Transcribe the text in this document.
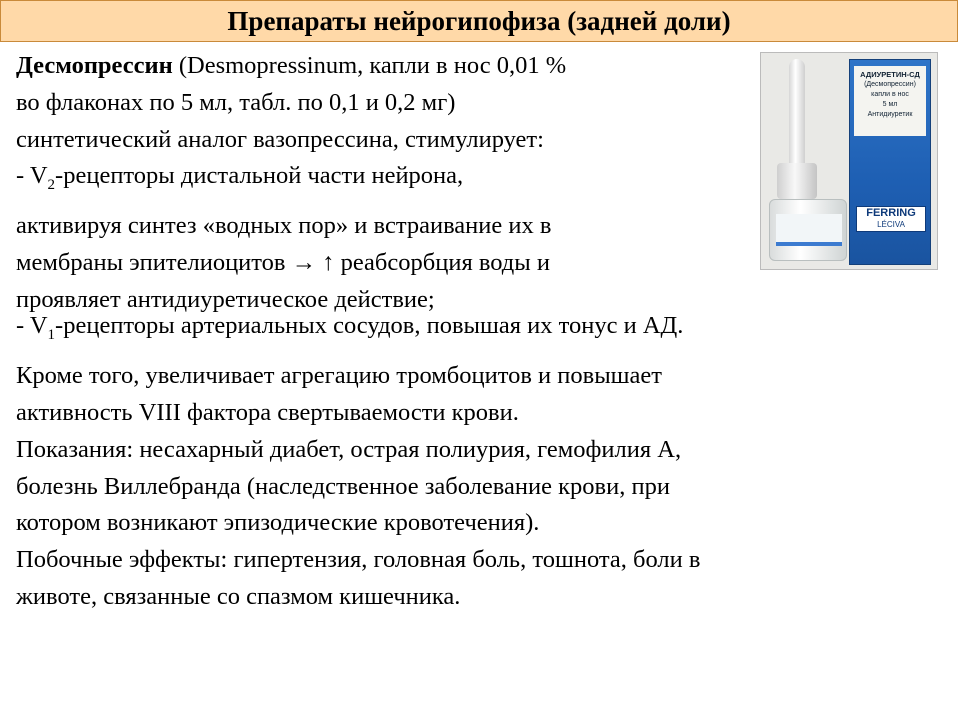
Препараты нейрогипофиза (задней доли)
Десмопрессин (Desmopressinum, капли в нос 0,01 %
во флаконах по 5 мл, табл. по 0,1 и 0,2 мг)
синтетический аналог вазопрессина, стимулирует:
- $V_2$-рецепторы дистальной части нейрона,
активируя синтез «водных пор» и встраивание их в
мембраны эпителиоцитов → ↑ реабсорбция воды и
проявляет антидиуретическое действие;
- $V_1$-рецепторы артериальных сосудов, повышая их тонус и АД.
Кроме того, увеличивает агрегацию тромбоцитов и повышает
активность VIII фактора свертываемости крови.
Показания: несахарный диабет, острая полиурия, гемофилия А,
болезнь Виллебранда (наследственное заболевание крови, при
котором возникают эпизодические кровотечения).
Побочные эффекты: гипертензия, головная боль, тошнота, боли в
животе, связанные со спазмом кишечника.
АДИУРЕТИН-СД
(Десмопрессин)
капли в нос
5 мл
Антидиуретик
FERRING
LÉCIVA
